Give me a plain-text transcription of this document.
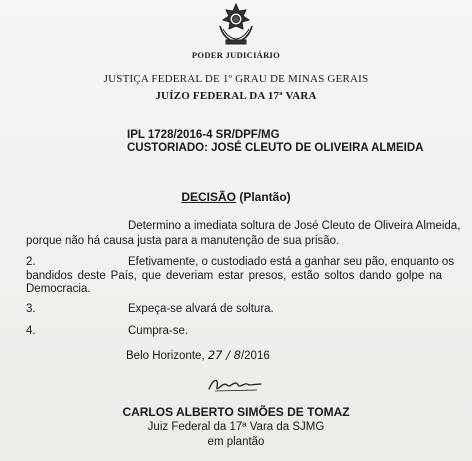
PODER JUDICIÁRIO
JUSTIÇA FEDERAL DE 1º GRAU DE MINAS GERAIS
JUÍZO FEDERAL DA 17ª VARA
IPL 1728/2016-4 SR/DPF/MG
CUSTORIADO: JOSÉ CLEUTO DE OLIVEIRA ALMEIDA
DECISÃO (Plantão)
Determino a imediata soltura de José Cleuto de Oliveira Almeida,
porque não há causa justa para a manutenção de sua prisão.
2.	Efetivamente, o custodiado está a ganhar seu pão, enquanto os
bandidos deste País, que deveriam estar presos, estão soltos dando golpe na
Democracia.
3.	Expeça-se alvará de soltura.
4.	Cumpra-se.
Belo Horizonte, 27 / 8/2016
CARLOS ALBERTO SIMÕES DE TOMAZ
Juiz Federal da 17ª Vara da SJMG
em plantão
